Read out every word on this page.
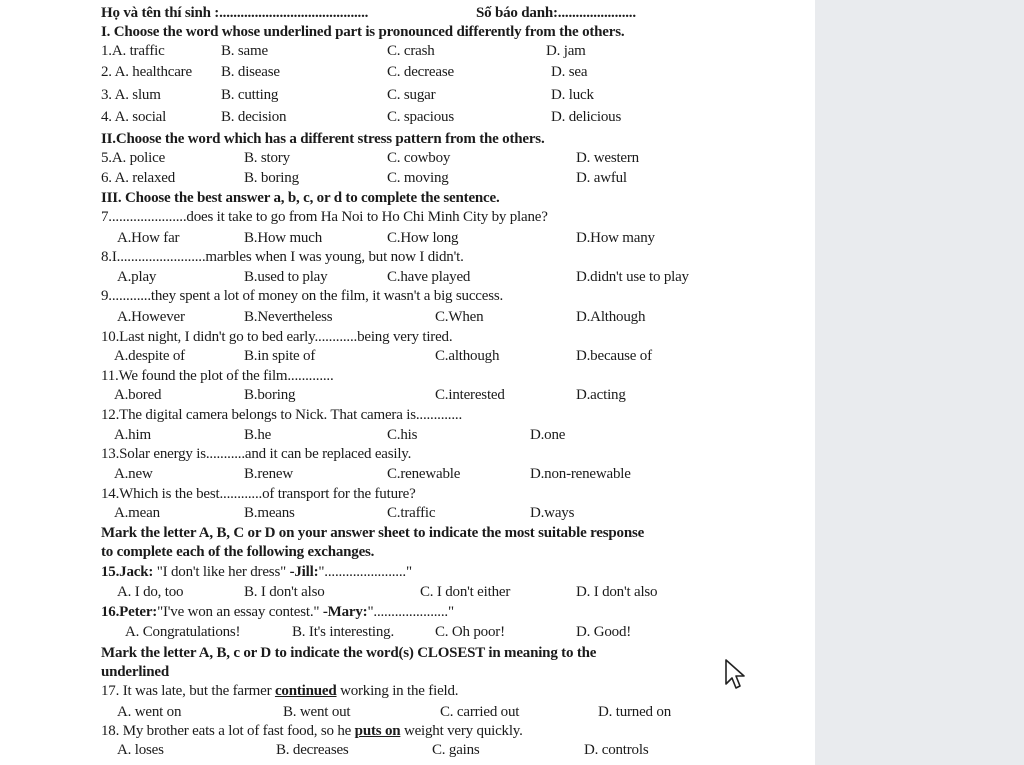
Họ và tên thí sinh :..........................................	Số báo danh:......................
I. Choose the word whose underlined part is pronounced differently from the others.
1.A. traffic	B. same	C. crash	D. jam
2. A. healthcare B. disease	C. decrease	D. sea
3. A. slum	B. cutting	C. sugar	D. luck
4. A. social	B. decision	C. spacious	D. delicious
II.Choose the word which has a different stress pattern from the others.
5.A. police	B. story	C. cowboy	D. western
6. A. relaxed	B. boring	C. moving	D. awful
III. Choose the best answer a, b, c, or d to complete the sentence.
7......................does it take to go from Ha Noi to Ho Chi Minh City by plane?
A.How far	B.How much	C.How long	D.How many
8.I.........................marbles when I was young, but now I didn't.
A.play	B.used to play	C.have played	D.didn't use to play
9............they spent a lot of money on the film, it wasn't a big success.
A.However	B.Nevertheless	C.When	D.Although
10.Last night, I didn't go to bed early............being very tired.
A.despite of	B.in spite of	C.although	D.because of
11.We found the plot of the film.............
A.bored	B.boring	C.interested	D.acting
12.The digital camera belongs to Nick. That camera is.............
A.him	B.he	C.his	D.one
13.Solar energy is...........and it can be replaced easily.
A.new	B.renew	C.renewable	D.non-renewable
14.Which is the best............of transport for the future?
A.mean	B.means	C.traffic	D.ways
Mark the letter A, B, C or D on your answer sheet to indicate the most suitable response
to complete each of the following exchanges.
15.Jack: "I don't like her dress" -Jill:"......................."
A. I do, too	B. I don't also	C. I don't either	D. I don't also
16.Peter:"I've won an essay contest." -Mary:"....................."
A. Congratulations!	B. It's interesting.	C. Oh poor!	D. Good!
Mark the letter A, B, c or D to indicate the word(s) CLOSEST in meaning to the
underlined
17. It was late, but the farmer continued working in the field.
A. went on	B. went out	C. carried out	D. turned on
18. My brother eats a lot of fast food, so he puts on weight very quickly.
A. loses	B. decreases	C. gains	D. controls
